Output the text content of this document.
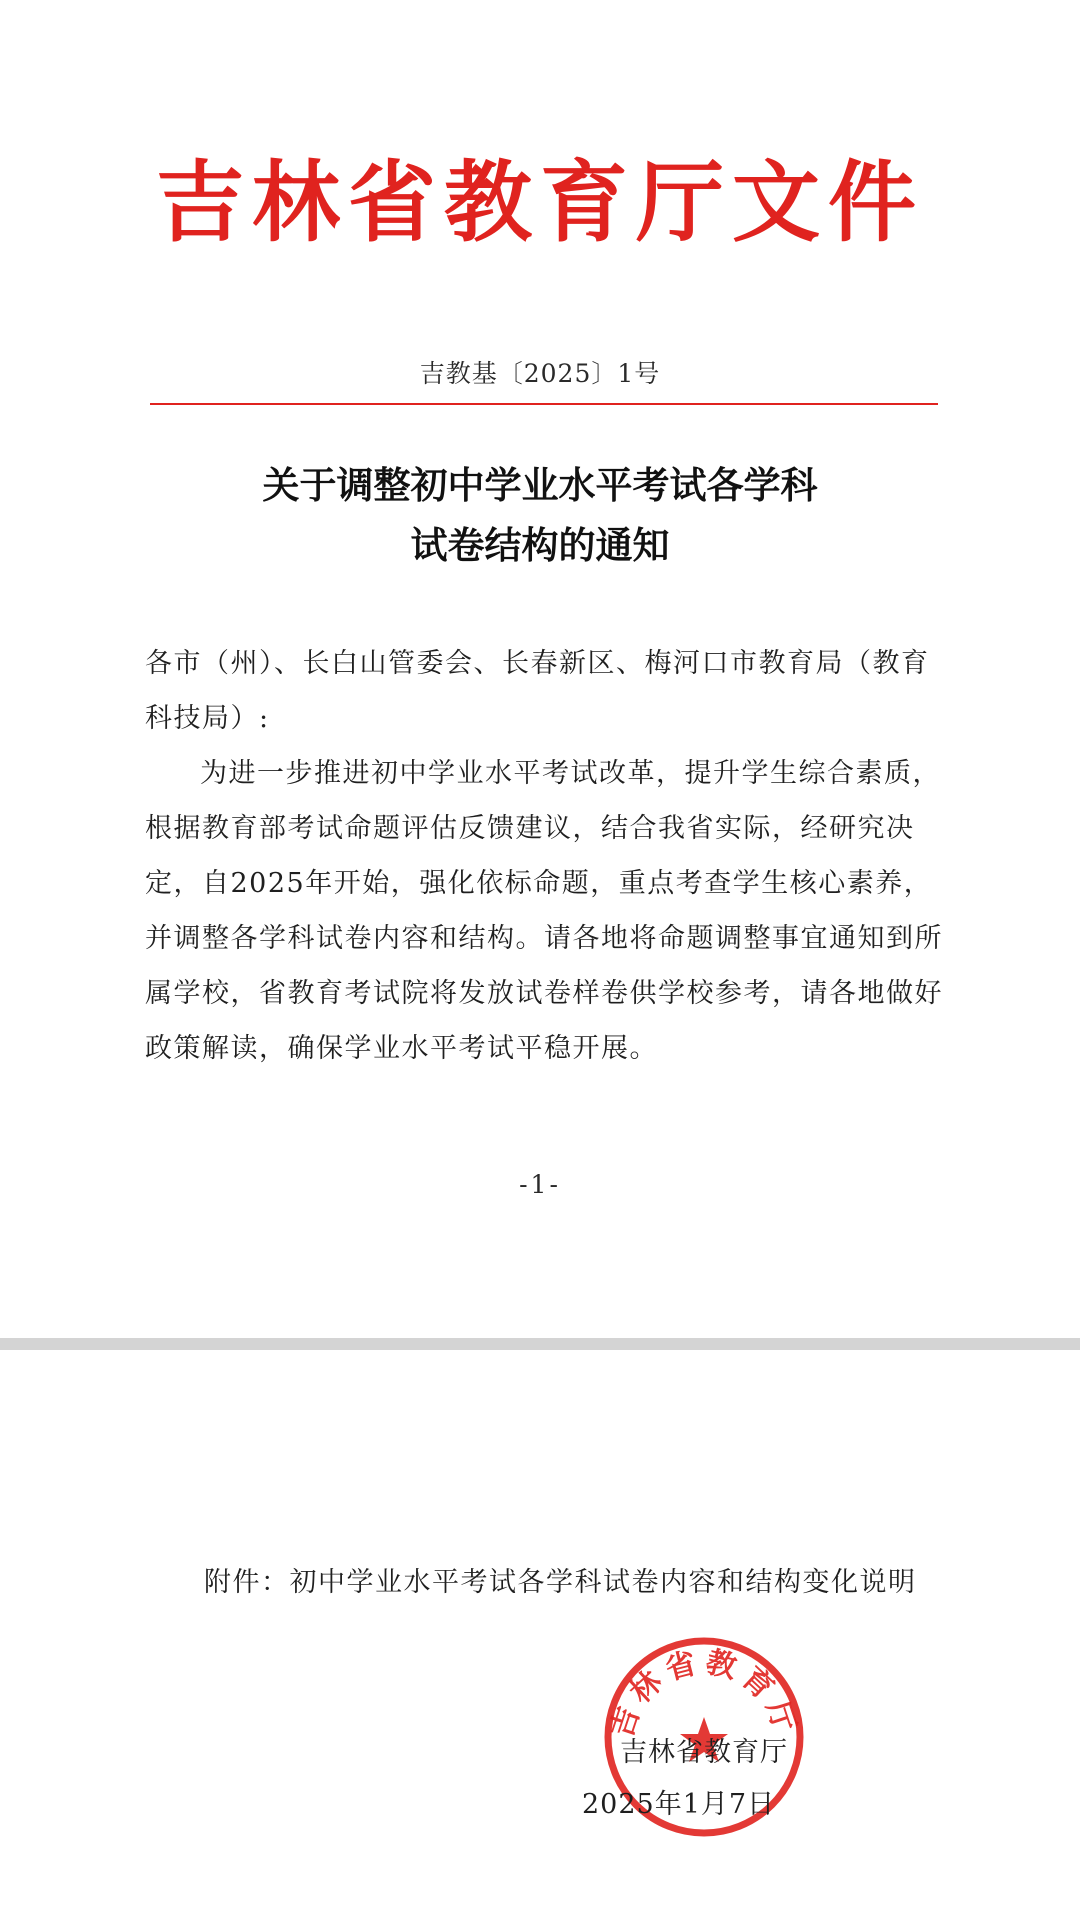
吉林省教育厅文件
吉教基〔2025〕1号
关于调整初中学业水平考试各学科
试卷结构的通知

各市（州）、长白山管委会、长春新区、梅河口市教育局（教育科技局）:

为进一步推进初中学业水平考试改革，提升学生综合素质，根据教育部考试命题评估反馈建议，结合我省实际，经研究决定，自2025年开始，强化依标命题，重点考查学生核心素养，并调整各学科试卷内容和结构。请各地将命题调整事宜通知到所属学校，省教育考试院将发放试卷样卷供学校参考，请各地做好政策解读，确保学业水平考试平稳开展。

-1-
附件：初中学业水平考试各学科试卷内容和结构变化说明
吉林省教育厅
吉林省教育厅
2025年1月7日
